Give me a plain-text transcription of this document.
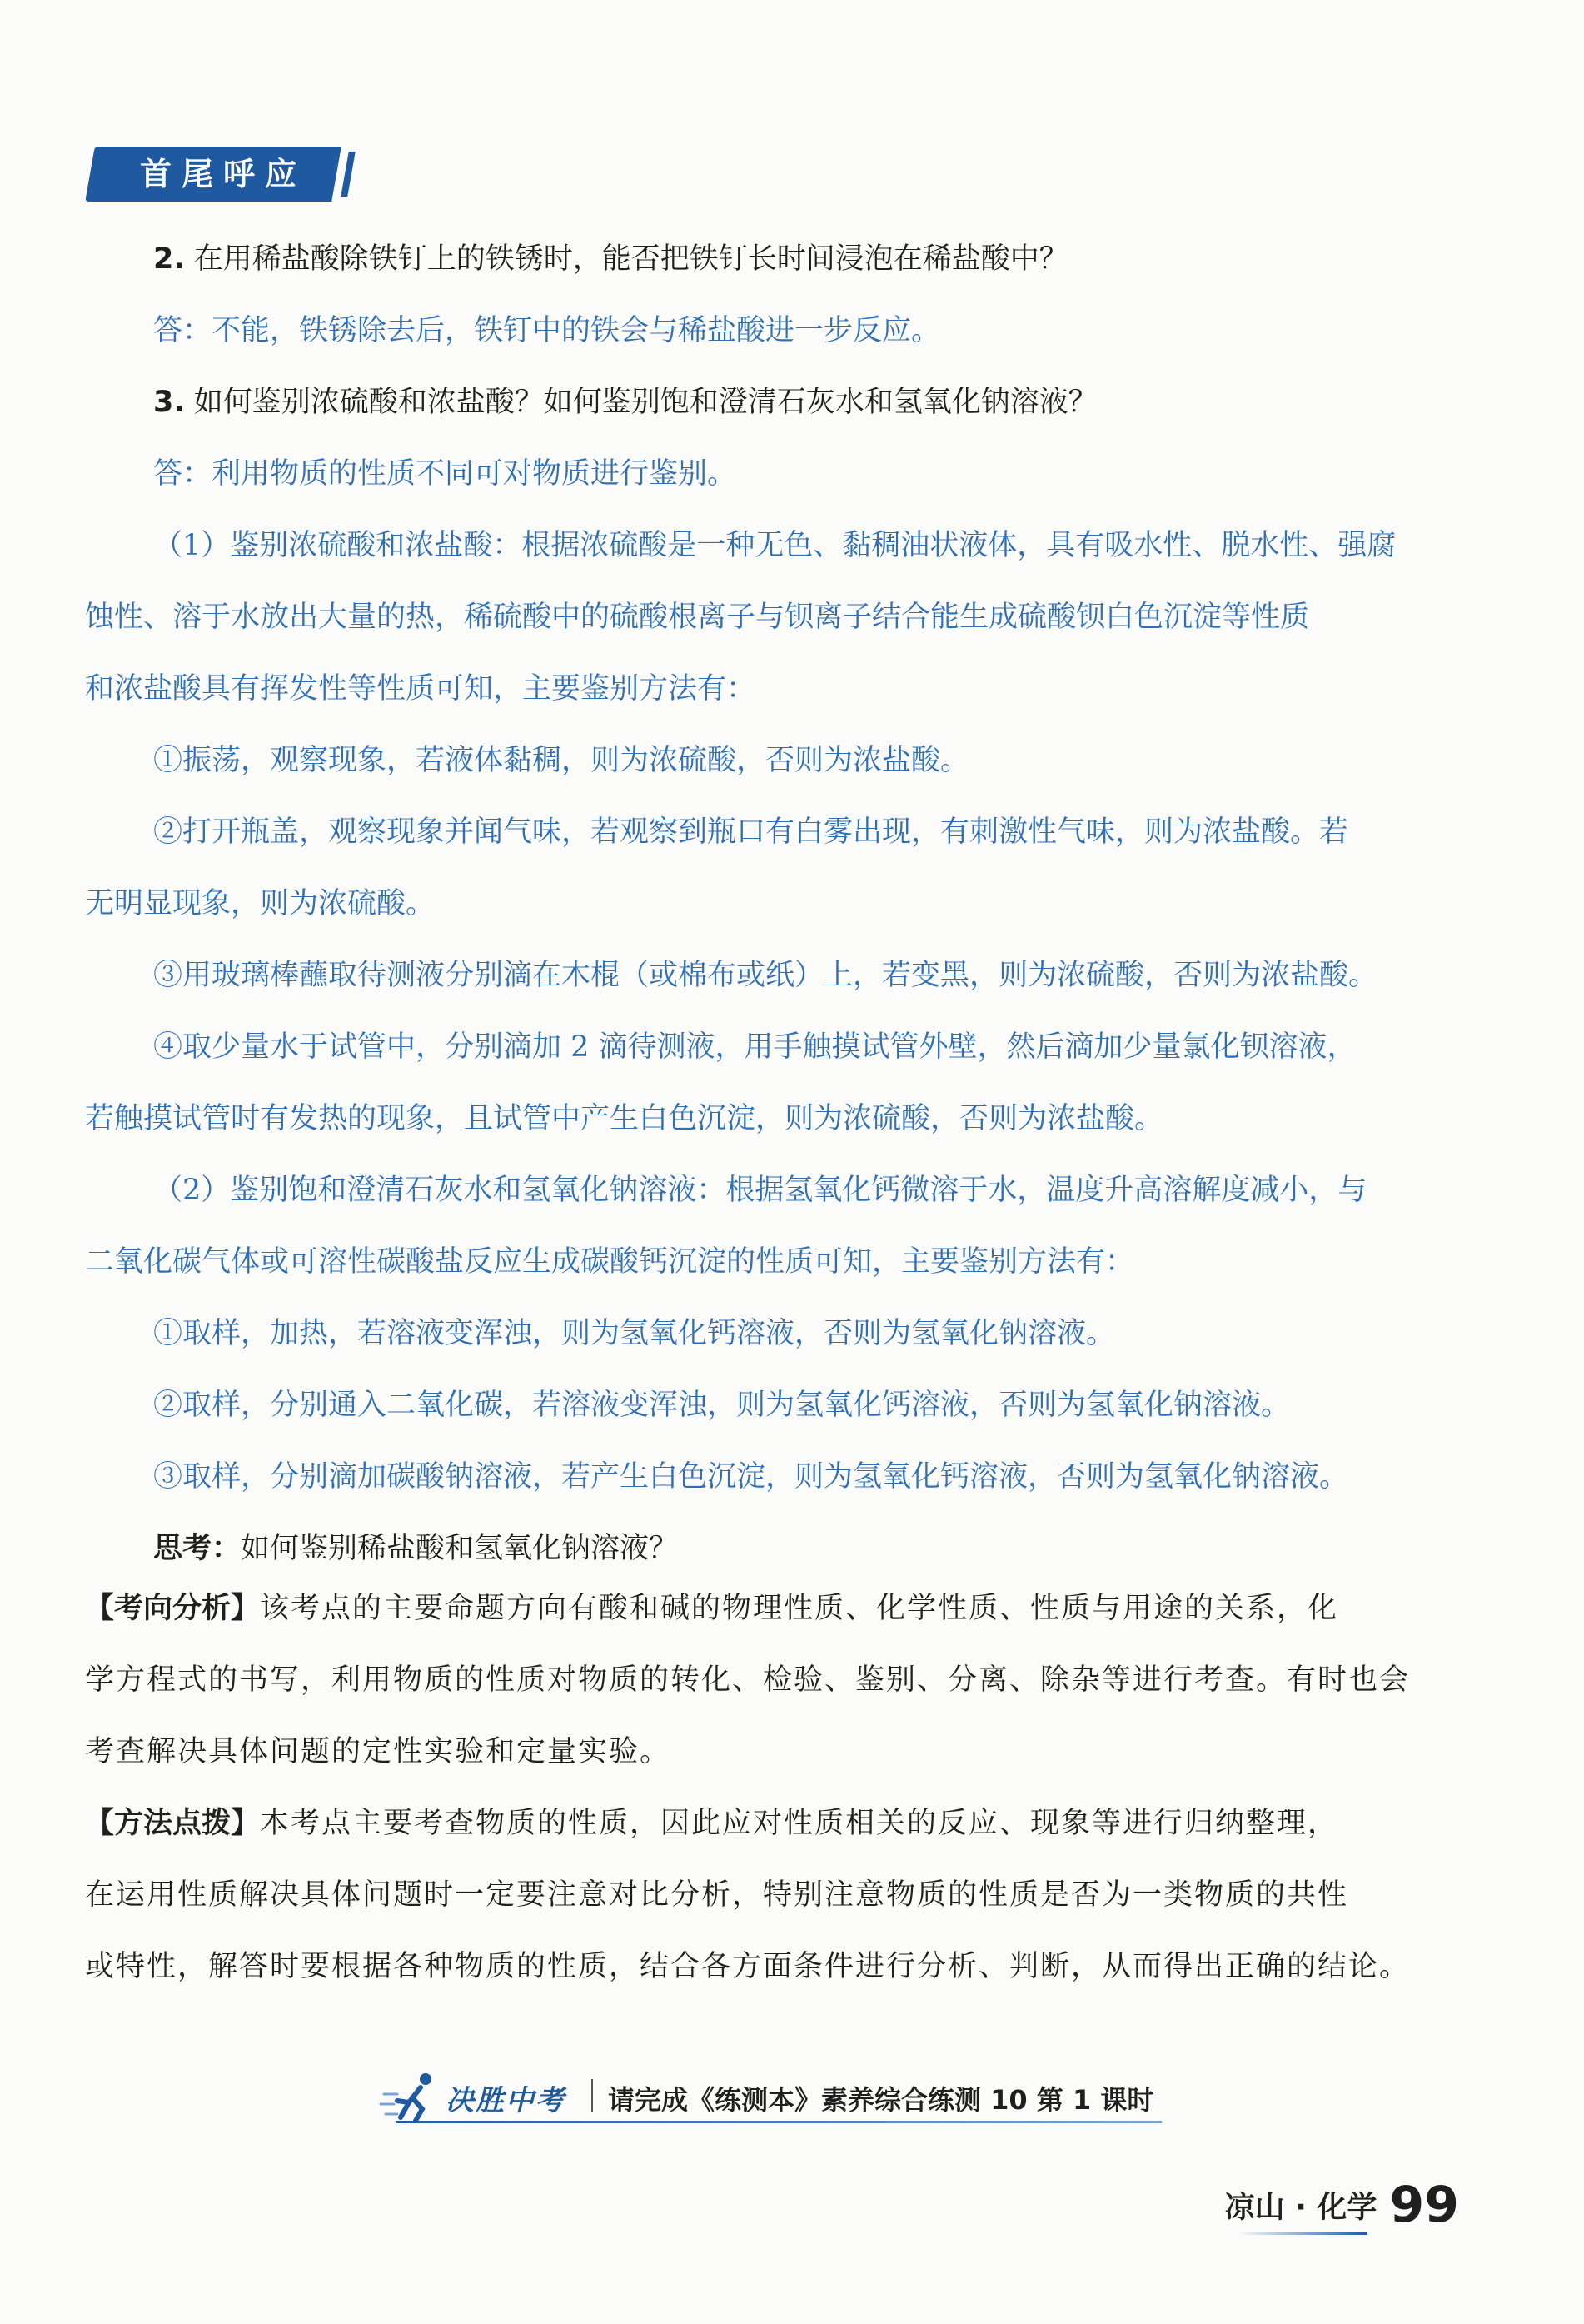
首尾呼应

2. 在用稀盐酸除铁钉上的铁锈时，能否把铁钉长时间浸泡在稀盐酸中？

答：不能，铁锈除去后，铁钉中的铁会与稀盐酸进一步反应。

3. 如何鉴别浓硫酸和浓盐酸？如何鉴别饱和澄清石灰水和氢氧化钠溶液？

答：利用物质的性质不同可对物质进行鉴别。

（1）鉴别浓硫酸和浓盐酸：根据浓硫酸是一种无色、黏稠油状液体，具有吸水性、脱水性、强腐

蚀性、溶于水放出大量的热，稀硫酸中的硫酸根离子与钡离子结合能生成硫酸钡白色沉淀等性质

和浓盐酸具有挥发性等性质可知，主要鉴别方法有：

①振荡，观察现象，若液体黏稠，则为浓硫酸，否则为浓盐酸。

②打开瓶盖，观察现象并闻气味，若观察到瓶口有白雾出现，有刺激性气味，则为浓盐酸。若

无明显现象，则为浓硫酸。

③用玻璃棒蘸取待测液分别滴在木棍（或棉布或纸）上，若变黑，则为浓硫酸，否则为浓盐酸。

④取少量水于试管中，分别滴加 2 滴待测液，用手触摸试管外壁，然后滴加少量氯化钡溶液，

若触摸试管时有发热的现象，且试管中产生白色沉淀，则为浓硫酸，否则为浓盐酸。

（2）鉴别饱和澄清石灰水和氢氧化钠溶液：根据氢氧化钙微溶于水，温度升高溶解度减小，与

二氧化碳气体或可溶性碳酸盐反应生成碳酸钙沉淀的性质可知，主要鉴别方法有：

①取样，加热，若溶液变浑浊，则为氢氧化钙溶液，否则为氢氧化钠溶液。

②取样，分别通入二氧化碳，若溶液变浑浊，则为氢氧化钙溶液，否则为氢氧化钠溶液。

③取样，分别滴加碳酸钠溶液，若产生白色沉淀，则为氢氧化钙溶液，否则为氢氧化钠溶液。

思考：如何鉴别稀盐酸和氢氧化钠溶液？

【考向分析】该考点的主要命题方向有酸和碱的物理性质、化学性质、性质与用途的关系，化

学方程式的书写，利用物质的性质对物质的转化、检验、鉴别、分离、除杂等进行考查。有时也会

考查解决具体问题的定性实验和定量实验。

【方法点拨】本考点主要考查物质的性质，因此应对性质相关的反应、现象等进行归纳整理，

在运用性质解决具体问题时一定要注意对比分析，特别注意物质的性质是否为一类物质的共性

或特性，解答时要根据各种物质的性质，结合各方面条件进行分析、判断，从而得出正确的结论。

决胜中考 请完成《练测本》素养综合练测 10 第 1 课时
凉山 · 化学 99
